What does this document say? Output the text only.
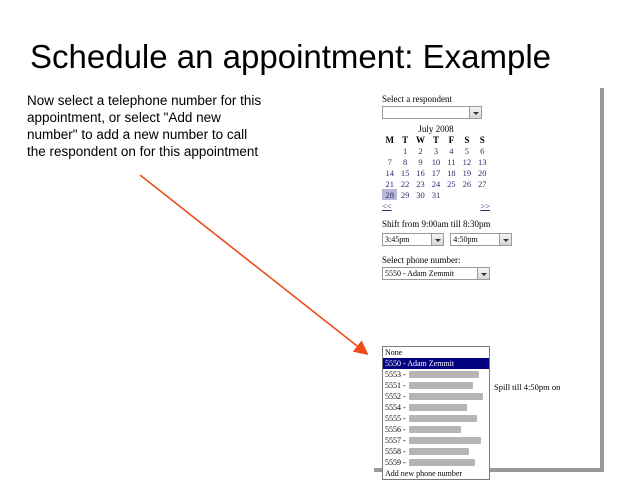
Schedule an appointment: Example
Now select a telephone number for this appointment, or select "Add new number" to add a new number to call the respondent on for this appointment
Select a respondent
July 2008
M	T	W	T	F	S	S
	1	2	3	4	5	6
7	8	9	10	11	12	13
14	15	16	17	18	19	20
21	22	23	24	25	26	27
28	29	30	31			
<<	>>
Shift from 9:00am till 8:30pm
3:45pm
	4:50pm
Select phone number:
5550 - Adam Zemmit
None
5550 - Adam Zemmit
5553 -
5551 -
5552 -
5554 -
5555 -
5556 -
5557 -
5558 -
5559 -
Add new phone number
Spill till 4:50pm on
